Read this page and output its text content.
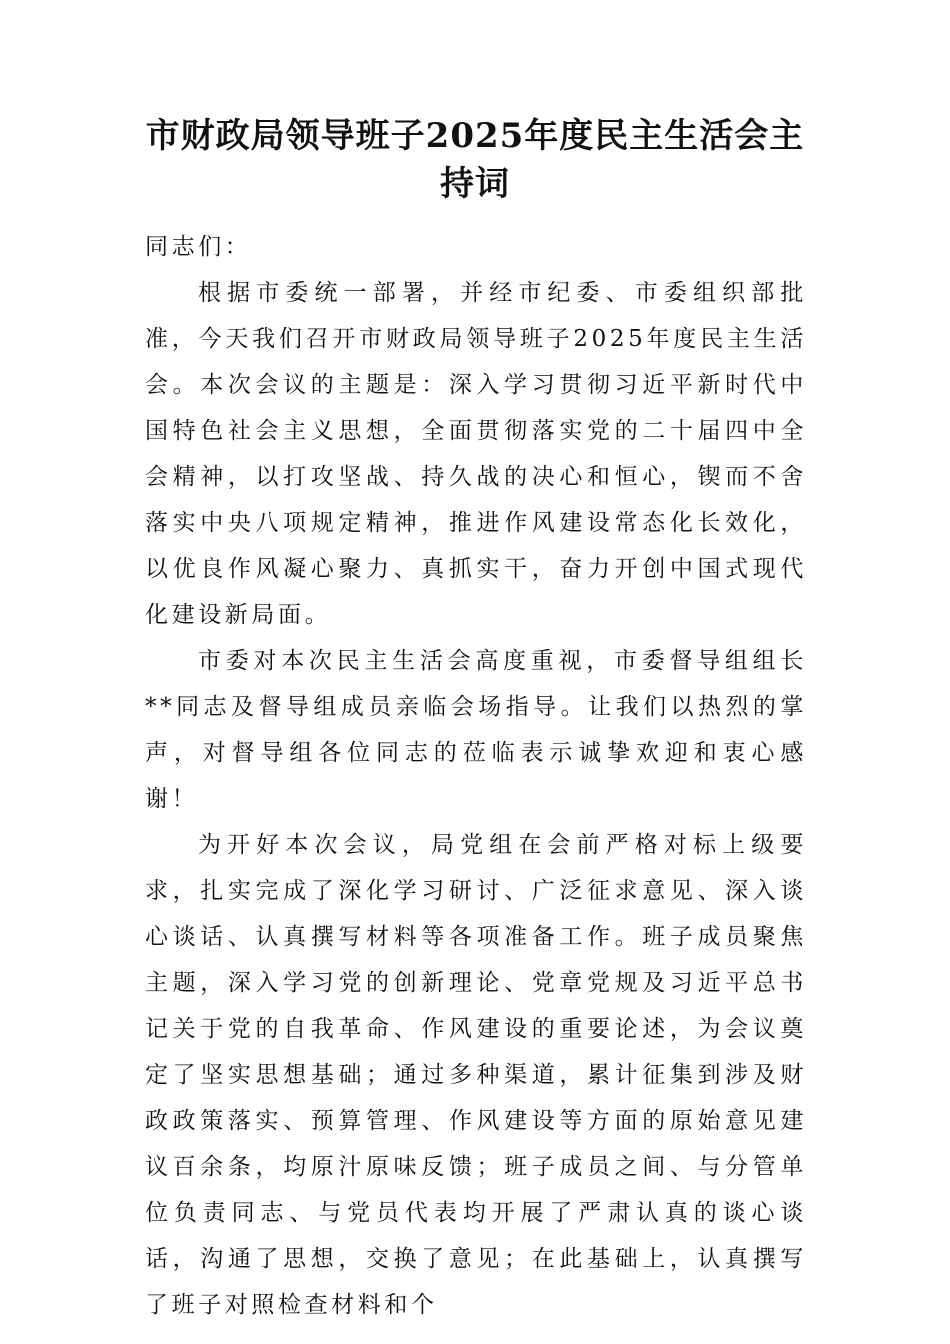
市财政局领导班子2025年度民主生活会主持词

同志们：

根据市委统一部署，并经市纪委、市委组织部批准，今天我们召开市财政局领导班子2025年度民主生活会。本次会议的主题是：深入学习贯彻习近平新时代中国特色社会主义思想，全面贯彻落实党的二十届四中全会精神，以打攻坚战、持久战的决心和恒心，锲而不舍落实中央八项规定精神，推进作风建设常态化长效化，以优良作风凝心聚力、真抓实干，奋力开创中国式现代化建设新局面。

市委对本次民主生活会高度重视，市委督导组组长**同志及督导组成员亲临会场指导。让我们以热烈的掌声，对督导组各位同志的莅临表示诚挚欢迎和衷心感谢！

为开好本次会议，局党组在会前严格对标上级要求，扎实完成了深化学习研讨、广泛征求意见、深入谈心谈话、认真撰写材料等各项准备工作。班子成员聚焦主题，深入学习党的创新理论、党章党规及习近平总书记关于党的自我革命、作风建设的重要论述，为会议奠定了坚实思想基础；通过多种渠道，累计征集到涉及财政政策落实、预算管理、作风建设等方面的原始意见建议百余条，均原汁原味反馈；班子成员之间、与分管单位负责同志、与党员代表均开展了严肃认真的谈心谈话，沟通了思想，交换了意见；在此基础上，认真撰写了班子对照检查材料和个
